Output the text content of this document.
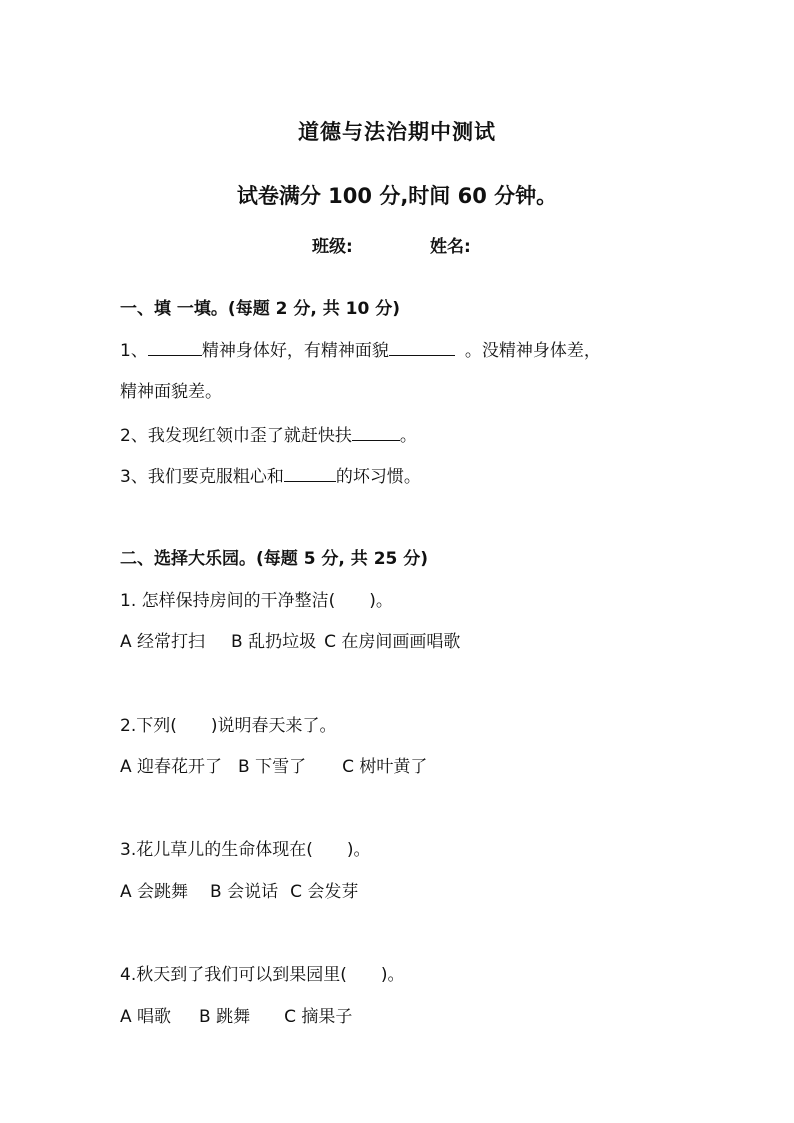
道德与法治期中测试
试卷满分 100 分,时间 60 分钟。
班级:	姓名:
一、填 一填。(每题 2 分, 共 10 分)
1、	精神身体好，有精神面貌	。没精神身体差，
精神面貌差。
2、我发现红领巾歪了就赶快扶	。
3、我们要克服粗心和	的坏习惯。
二、选择大乐园。(每题 5 分, 共 25 分)
1. 怎样保持房间的干净整洁( )。
A 经常打扫 B 乱扔垃圾 C 在房间画画唱歌
2.下列( )说明春天来了。
A 迎春花开了 B 下雪了 C 树叶黄了
3.花儿草儿的生命体现在( )。
A 会跳舞 B 会说话 C 会发芽
4.秋天到了我们可以到果园里( )。
A 唱歌 B 跳舞 C 摘果子
